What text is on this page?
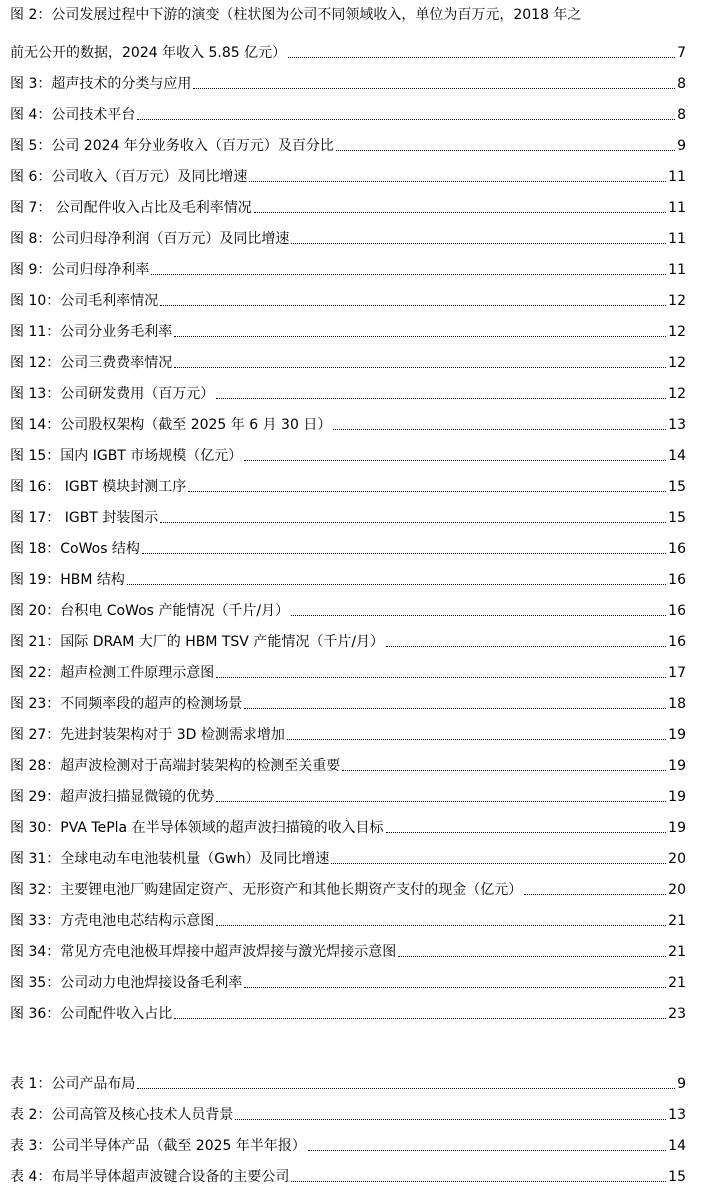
图 2：公司发展过程中下游的演变（柱状图为公司不同领域收入，单位为百万元，2018 年之
前无公开的数据，2024 年收入 5.85 亿元）	7
图 3：超声技术的分类与应用	8
图 4：公司技术平台	8
图 5：公司 2024 年分业务收入（百万元）及百分比	9
图 6：公司收入（百万元）及同比增速	11
图 7： 公司配件收入占比及毛利率情况	11
图 8：公司归母净利润（百万元）及同比增速	11
图 9：公司归母净利率	11
图 10：公司毛利率情况	12
图 11：公司分业务毛利率	12
图 12：公司三费费率情况	12
图 13：公司研发费用（百万元）	12
图 14：公司股权架构（截至 2025 年 6 月 30 日）	13
图 15：国内 IGBT 市场规模（亿元）	14
图 16： IGBT 模块封测工序	15
图 17： IGBT 封装图示	15
图 18：CoWos 结构	16
图 19：HBM 结构	16
图 20：台积电 CoWos 产能情况（千片/月）	16
图 21：国际 DRAM 大厂的 HBM TSV 产能情况（千片/月）	16
图 22：超声检测工件原理示意图	17
图 23：不同频率段的超声的检测场景	18
图 27：先进封装架构对于 3D 检测需求增加	19
图 28：超声波检测对于高端封装架构的检测至关重要	19
图 29：超声波扫描显微镜的优势	19
图 30：PVA TePla 在半导体领域的超声波扫描镜的收入目标	19
图 31：全球电动车电池装机量（Gwh）及同比增速	20
图 32：主要锂电池厂购建固定资产、无形资产和其他长期资产支付的现金（亿元）	20
图 33：方壳电池电芯结构示意图	21
图 34：常见方壳电池极耳焊接中超声波焊接与激光焊接示意图	21
图 35：公司动力电池焊接设备毛利率	21
图 36：公司配件收入占比	23
表 1：公司产品布局	9
表 2：公司高管及核心技术人员背景	13
表 3：公司半导体产品（截至 2025 年半年报）	14
表 4：布局半导体超声波键合设备的主要公司	15
